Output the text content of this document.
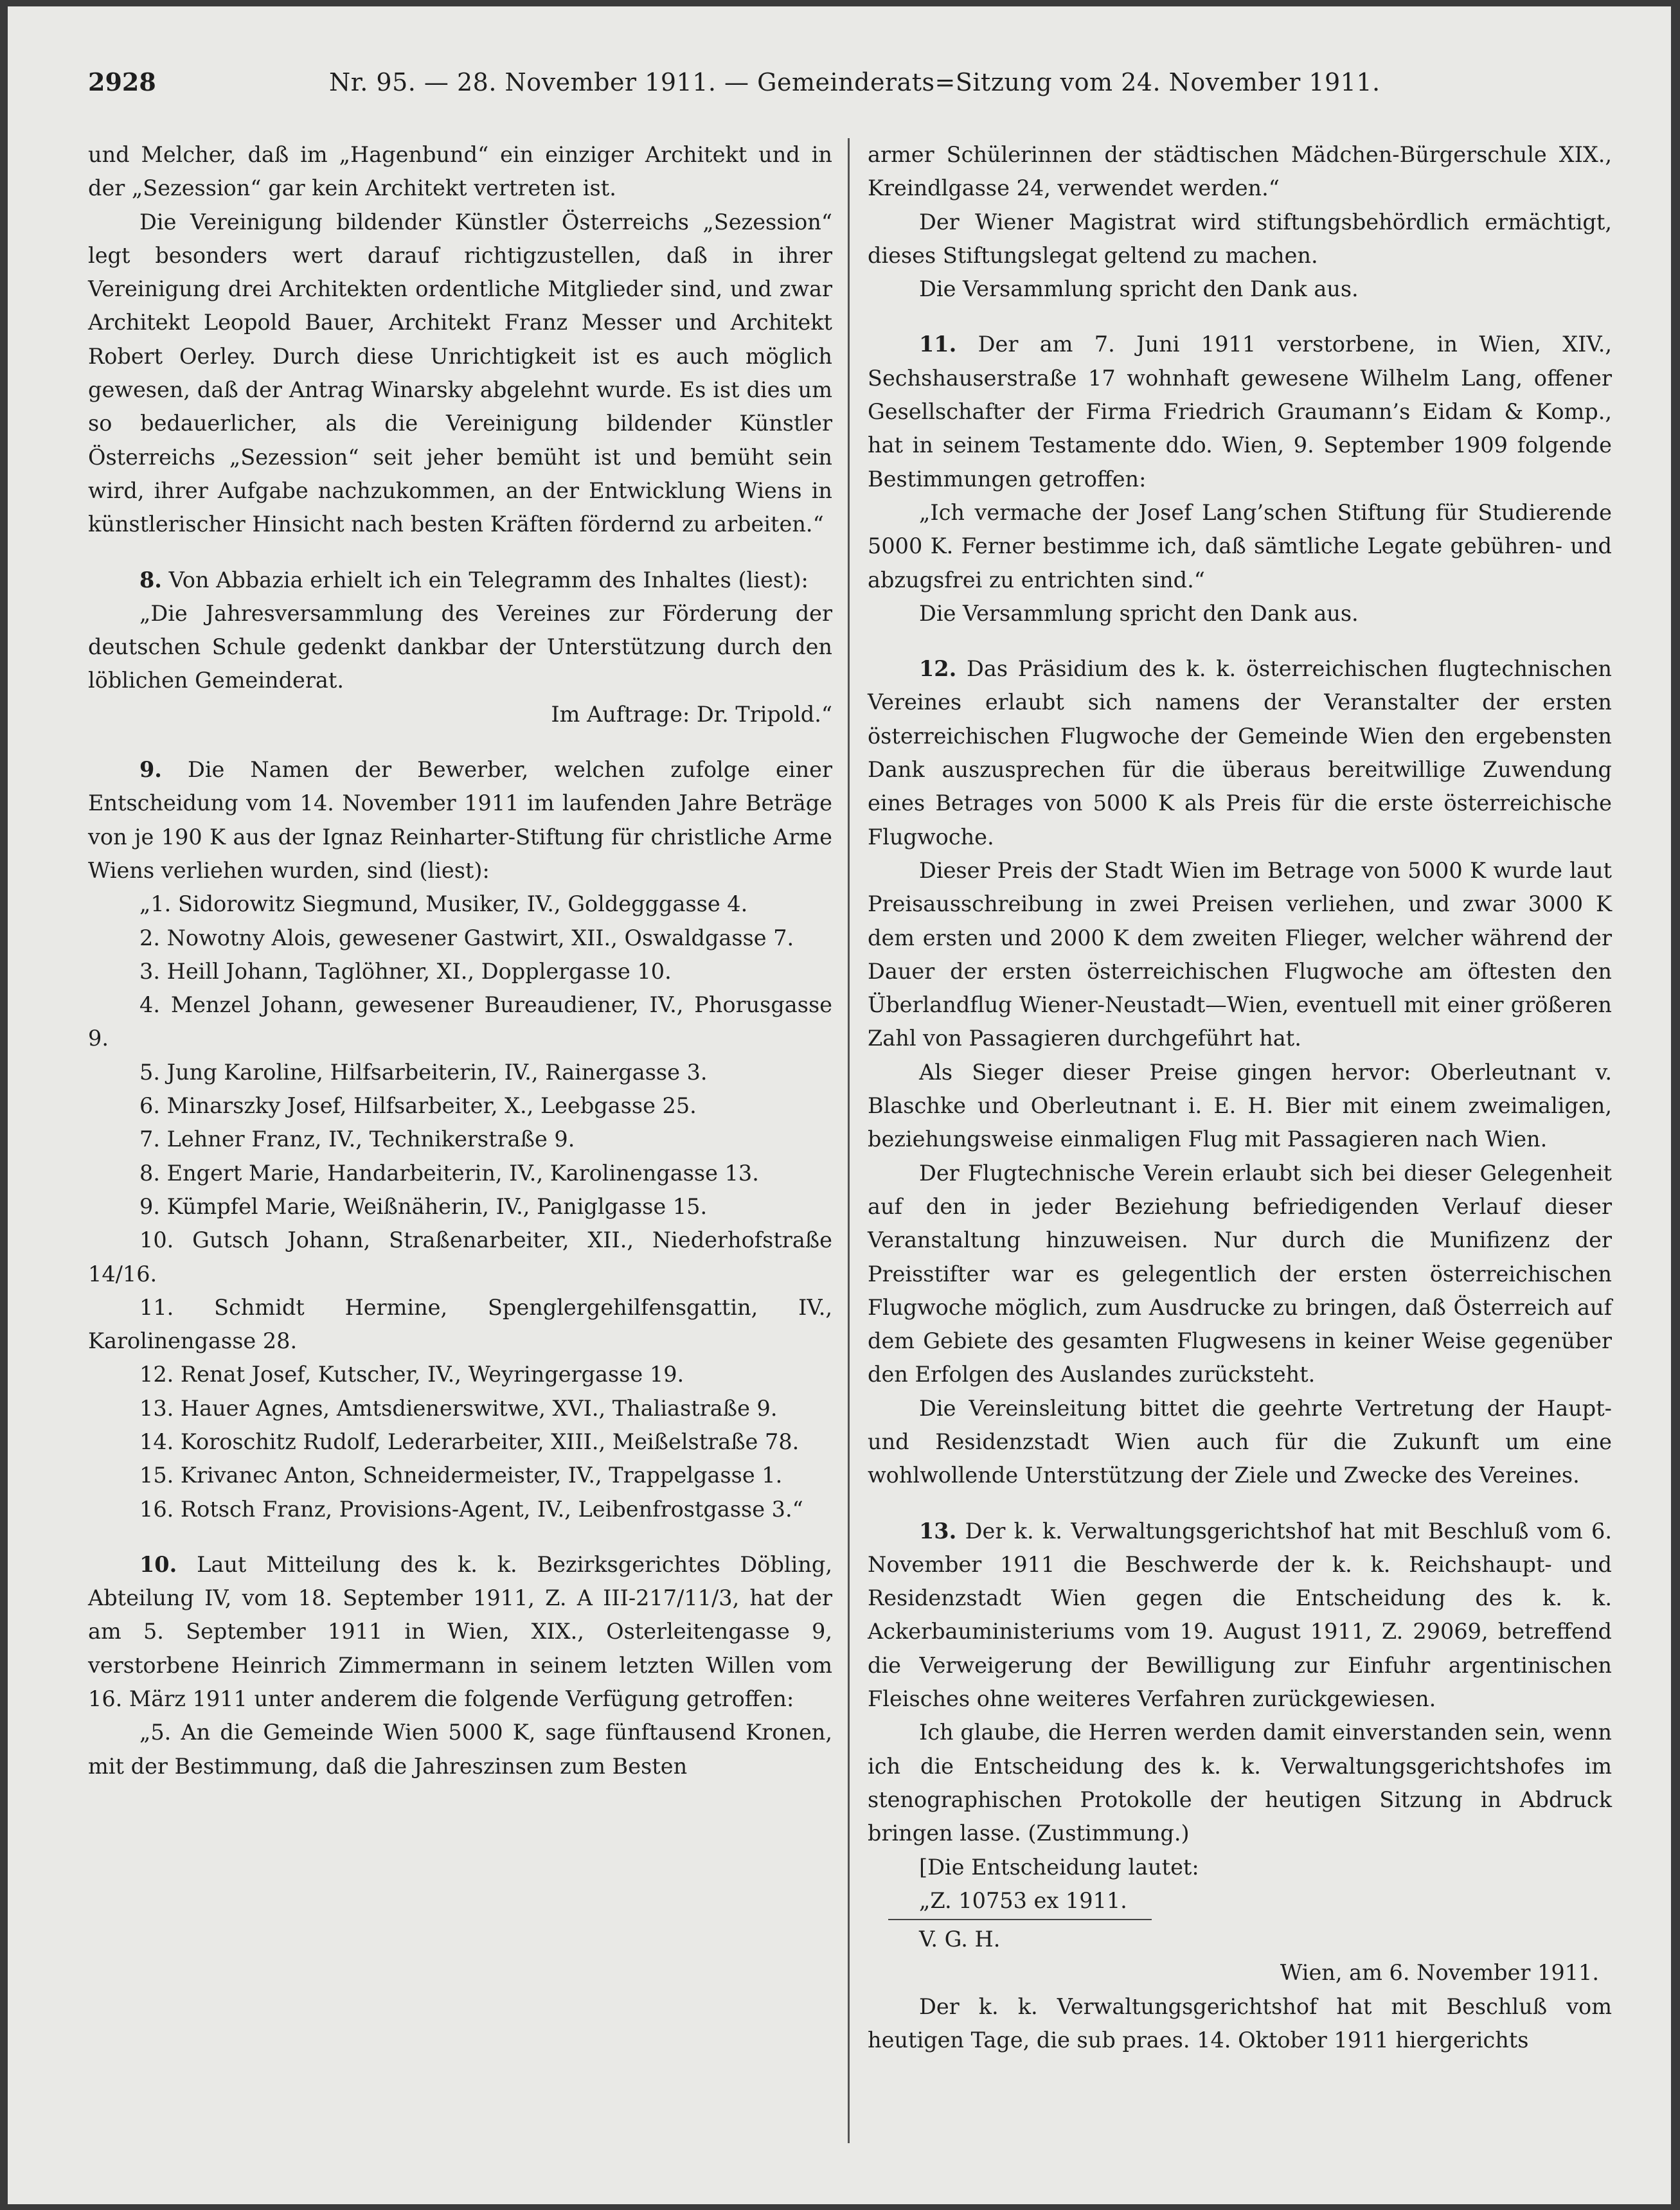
2928	Nr. 95. — 28. November 1911. — Gemeinderats=Sitzung vom 24. November 1911.

und Melcher, daß im „Hagenbund“ ein einziger Architekt und in der „Sezession“ gar kein Architekt vertreten ist.

Die Vereinigung bildender Künstler Österreichs „Sezession“ legt besonders wert darauf richtigzustellen, daß in ihrer Vereinigung drei Architekten ordentliche Mitglieder sind, und zwar Architekt Leopold Bauer, Architekt Franz Messer und Architekt Robert Oerley. Durch diese Unrichtigkeit ist es auch möglich gewesen, daß der Antrag Winarsky abgelehnt wurde. Es ist dies um so bedauerlicher, als die Vereinigung bildender Künstler Österreichs „Sezession“ seit jeher bemüht ist und bemüht sein wird, ihrer Aufgabe nachzukommen, an der Entwicklung Wiens in künstlerischer Hinsicht nach besten Kräften fördernd zu arbeiten.“

8. Von Abbazia erhielt ich ein Telegramm des Inhaltes (liest):

„Die Jahresversammlung des Vereines zur Förderung der deutschen Schule gedenkt dankbar der Unterstützung durch den löblichen Gemeinderat.

Im Auftrage: Dr. Tripold.“

9. Die Namen der Bewerber, welchen zufolge einer Entscheidung vom 14. November 1911 im laufenden Jahre Beträge von je 190 K aus der Ignaz Reinharter-Stiftung für christliche Arme Wiens verliehen wurden, sind (liest):

„1. Sidorowitz Siegmund, Musiker, IV., Goldegggasse 4.

2. Nowotny Alois, gewesener Gastwirt, XII., Oswaldgasse 7.

3. Heill Johann, Taglöhner, XI., Dopplergasse 10.

4. Menzel Johann, gewesener Bureaudiener, IV., Phorusgasse 9.

5. Jung Karoline, Hilfsarbeiterin, IV., Rainergasse 3.

6. Minarszky Josef, Hilfsarbeiter, X., Leebgasse 25.

7. Lehner Franz, IV., Technikerstraße 9.

8. Engert Marie, Handarbeiterin, IV., Karolinengasse 13.

9. Kümpfel Marie, Weißnäherin, IV., Paniglgasse 15.

10. Gutsch Johann, Straßenarbeiter, XII., Niederhofstraße 14/16.

11. Schmidt Hermine, Spenglergehilfensgattin, IV., Karolinengasse 28.

12. Renat Josef, Kutscher, IV., Weyringergasse 19.

13. Hauer Agnes, Amtsdienerswitwe, XVI., Thaliastraße 9.

14. Koroschitz Rudolf, Lederarbeiter, XIII., Meißelstraße 78.

15. Krivanec Anton, Schneidermeister, IV., Trappelgasse 1.

16. Rotsch Franz, Provisions-Agent, IV., Leibenfrostgasse 3.“

10. Laut Mitteilung des k. k. Bezirksgerichtes Döbling, Abteilung IV, vom 18. September 1911, Z. A III-217/11/3, hat der am 5. September 1911 in Wien, XIX., Osterleitengasse 9, verstorbene Heinrich Zimmermann in seinem letzten Willen vom 16. März 1911 unter anderem die folgende Verfügung getroffen:

„5. An die Gemeinde Wien 5000 K, sage fünftausend Kronen, mit der Bestimmung, daß die Jahreszinsen zum Besten

armer Schülerinnen der städtischen Mädchen-Bürgerschule XIX., Kreindlgasse 24, verwendet werden.“

Der Wiener Magistrat wird stiftungsbehördlich ermächtigt, dieses Stiftungslegat geltend zu machen.

Die Versammlung spricht den Dank aus.

11. Der am 7. Juni 1911 verstorbene, in Wien, XIV., Sechshauserstraße 17 wohnhaft gewesene Wilhelm Lang, offener Gesellschafter der Firma Friedrich Graumann’s Eidam & Komp., hat in seinem Testamente ddo. Wien, 9. September 1909 folgende Bestimmungen getroffen:

„Ich vermache der Josef Lang’schen Stiftung für Studierende 5000 K. Ferner bestimme ich, daß sämtliche Legate gebühren- und abzugsfrei zu entrichten sind.“

Die Versammlung spricht den Dank aus.

12. Das Präsidium des k. k. österreichischen flugtechnischen Vereines erlaubt sich namens der Veranstalter der ersten österreichischen Flugwoche der Gemeinde Wien den ergebensten Dank auszusprechen für die überaus bereitwillige Zuwendung eines Betrages von 5000 K als Preis für die erste österreichische Flugwoche.

Dieser Preis der Stadt Wien im Betrage von 5000 K wurde laut Preisausschreibung in zwei Preisen verliehen, und zwar 3000 K dem ersten und 2000 K dem zweiten Flieger, welcher während der Dauer der ersten österreichischen Flugwoche am öftesten den Überlandflug Wiener-Neustadt—Wien, eventuell mit einer größeren Zahl von Passagieren durchgeführt hat.

Als Sieger dieser Preise gingen hervor: Oberleutnant v. Blaschke und Oberleutnant i. E. H. Bier mit einem zweimaligen, beziehungsweise einmaligen Flug mit Passagieren nach Wien.

Der Flugtechnische Verein erlaubt sich bei dieser Gelegenheit auf den in jeder Beziehung befriedigenden Verlauf dieser Veranstaltung hinzuweisen. Nur durch die Munifizenz der Preisstifter war es gelegentlich der ersten österreichischen Flugwoche möglich, zum Ausdrucke zu bringen, daß Österreich auf dem Gebiete des gesamten Flugwesens in keiner Weise gegenüber den Erfolgen des Auslandes zurücksteht.

Die Vereinsleitung bittet die geehrte Vertretung der Haupt- und Residenzstadt Wien auch für die Zukunft um eine wohlwollende Unterstützung der Ziele und Zwecke des Vereines.

13. Der k. k. Verwaltungsgerichtshof hat mit Beschluß vom 6. November 1911 die Beschwerde der k. k. Reichshaupt- und Residenzstadt Wien gegen die Entscheidung des k. k. Ackerbauministeriums vom 19. August 1911, Z. 29069, betreffend die Verweigerung der Bewilligung zur Einfuhr argentinischen Fleisches ohne weiteres Verfahren zurückgewiesen.

Ich glaube, die Herren werden damit einverstanden sein, wenn ich die Entscheidung des k. k. Verwaltungsgerichtshofes im stenographischen Protokolle der heutigen Sitzung in Abdruck bringen lasse. (Zustimmung.)

[Die Entscheidung lautet:

„Z. 10753 ex 1911.

V. G. H.

Wien, am 6. November 1911.

Der k. k. Verwaltungsgerichtshof hat mit Beschluß vom heutigen Tage, die sub praes. 14. Oktober 1911 hiergerichts
